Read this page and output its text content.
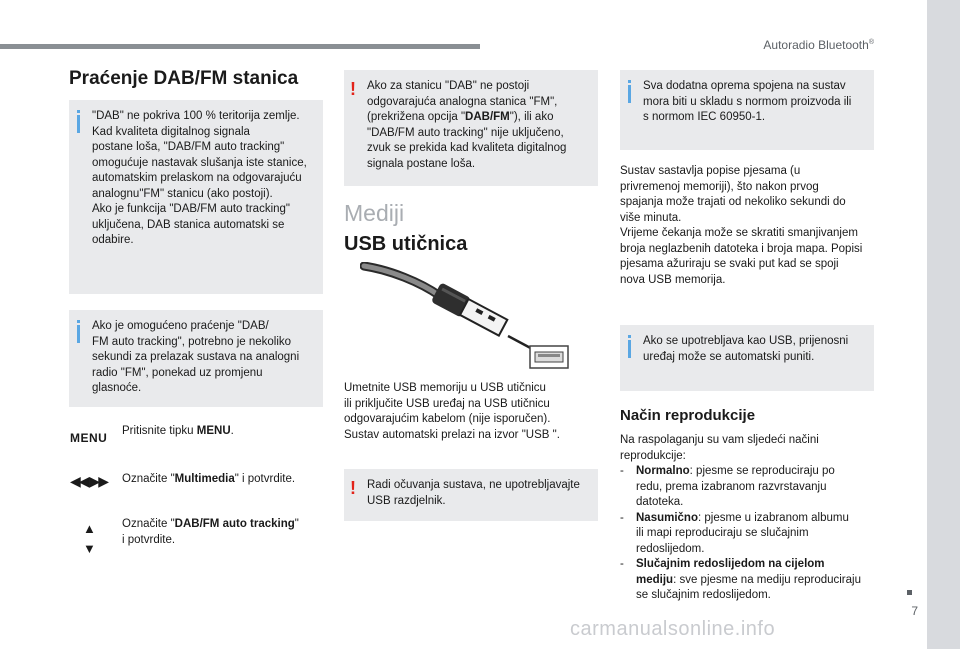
Autoradio Bluetooth®
7
Praćenje DAB/FM stanica
"DAB" ne pokriva 100 % teritorija zemlje.
Kad kvaliteta digitalnog signala
postane loša, "DAB/FM auto tracking"
omogućuje nastavak slušanja iste stanice,
automatskim prelaskom na odgovarajuću
analognu"FM" stanicu (ako postoji).
Ako je funkcija "DAB/FM auto tracking"
uključena, DAB stanica automatski se
odabire.
Ako je omogućeno praćenje "DAB/
FM auto tracking", potrebno je nekoliko
sekundi za prelazak sustava na analogni
radio "FM", ponekad uz promjenu
glasnoće.
MENU Pritisnite tipku MENU.
◀◀ ▶▶ Označite "Multimedia" i potvrdite.
▲
▼
Označite "DAB/FM auto tracking"
i potvrdite.
! Ako za stanicu "DAB" ne postoji
odgovarajuća analogna stanica "FM",
(prekrižena opcija "DAB/FM"), ili ako
"DAB/FM auto tracking" nije uključeno,
zvuk se prekida kad kvaliteta digitalnog
signala postane loša.
Mediji
USB utičnica
Umetnite USB memoriju u USB utičnicu
ili priključite USB uređaj na USB utičnicu
odgovarajućim kabelom (nije isporučen).
Sustav automatski prelazi na izvor "USB ".
! Radi očuvanja sustava, ne upotrebljavajte
USB razdjelnik.
Sva dodatna oprema spojena na sustav
mora biti u skladu s normom proizvoda ili
s normom IEC 60950-1.
Sustav sastavlja popise pjesama (u
privremenoj memoriji), što nakon prvog
spajanja može trajati od nekoliko sekundi do
više minuta.
Vrijeme čekanja može se skratiti smanjivanjem
broja neglazbenih datoteka i broja mapa. Popisi
pjesama ažuriraju se svaki put kad se spoji
nova USB memorija.
Ako se upotrebljava kao USB, prijenosni
uređaj može se automatski puniti.
Način reprodukcije
Na raspolaganju su vam sljedeći načini
reprodukcije:
- Normalno: pjesme se reproduciraju po
redu, prema izabranom razvrstavanju
datoteka.
- Nasumično: pjesme u izabranom albumu
ili mapi reproduciraju se slučajnim
redoslijedom.
- Slučajnim redoslijedom na cijelom
mediju: sve pjesme na mediju reproduciraju
se slučajnim redoslijedom.
carmanualsonline.info
